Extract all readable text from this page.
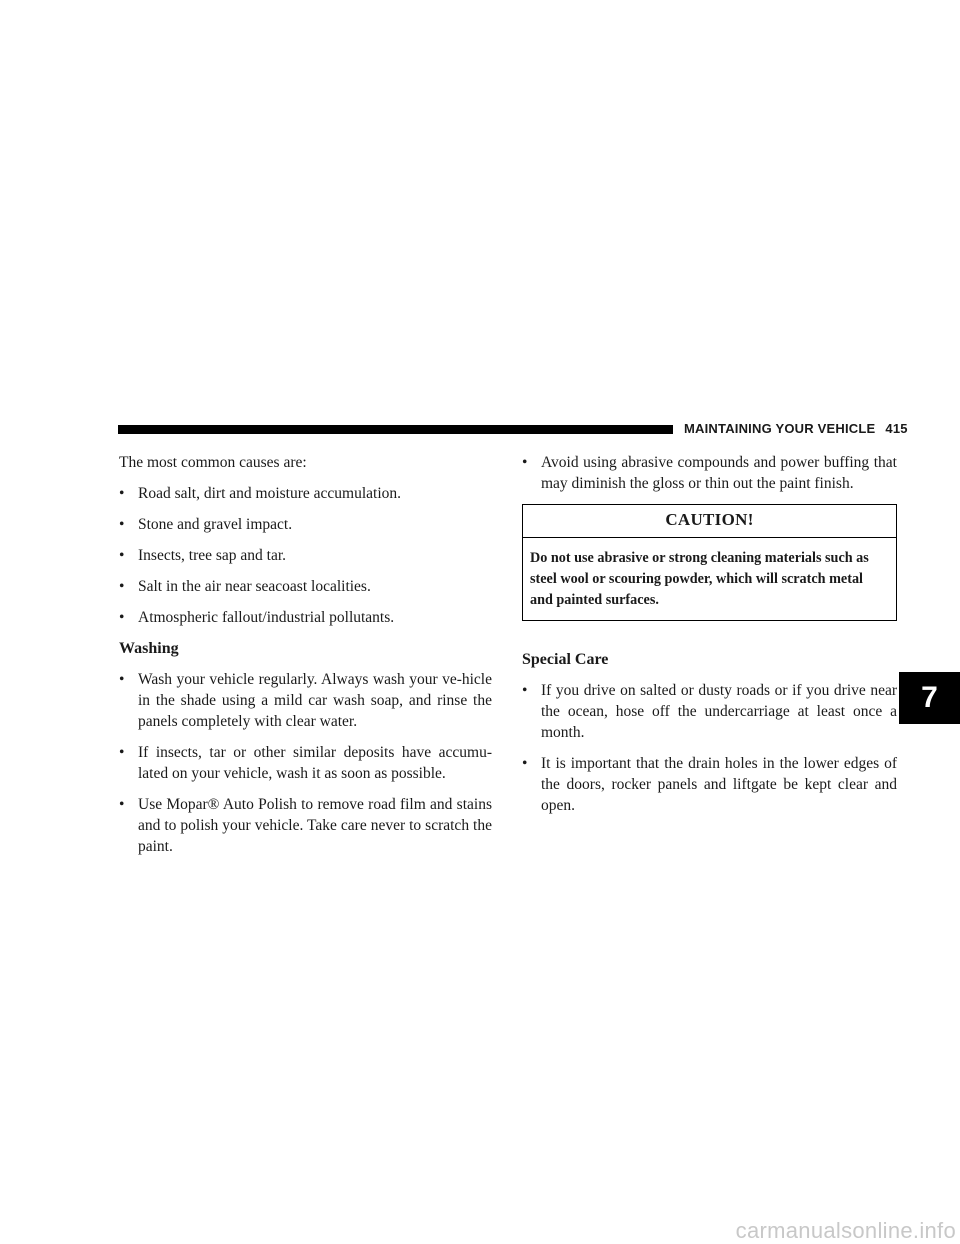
MAINTAINING YOUR VEHICLE 415

The most common causes are:

• Road salt, dirt and moisture accumulation.
• Stone and gravel impact.
• Insects, tree sap and tar.
• Salt in the air near seacoast localities.
• Atmospheric fallout/industrial pollutants.

Washing

• Wash your vehicle regularly. Always wash your ve-hicle in the shade using a mild car wash soap, and rinse the panels completely with clear water.
• If insects, tar or other similar deposits have accumu-lated on your vehicle, wash it as soon as possible.
• Use Mopar® Auto Polish to remove road film and stains and to polish your vehicle. Take care never to scratch the paint.
• Avoid using abrasive compounds and power buffing that may diminish the gloss or thin out the paint finish.
CAUTION!

Do not use abrasive or strong cleaning materials such as steel wool or scouring powder, which will scratch metal and painted surfaces.

Special Care

• If you drive on salted or dusty roads or if you drive near the ocean, hose off the undercarriage at least once a month.
• It is important that the drain holes in the lower edges of the doors, rocker panels and liftgate be kept clear and open.
7
carmanualsonline.info
